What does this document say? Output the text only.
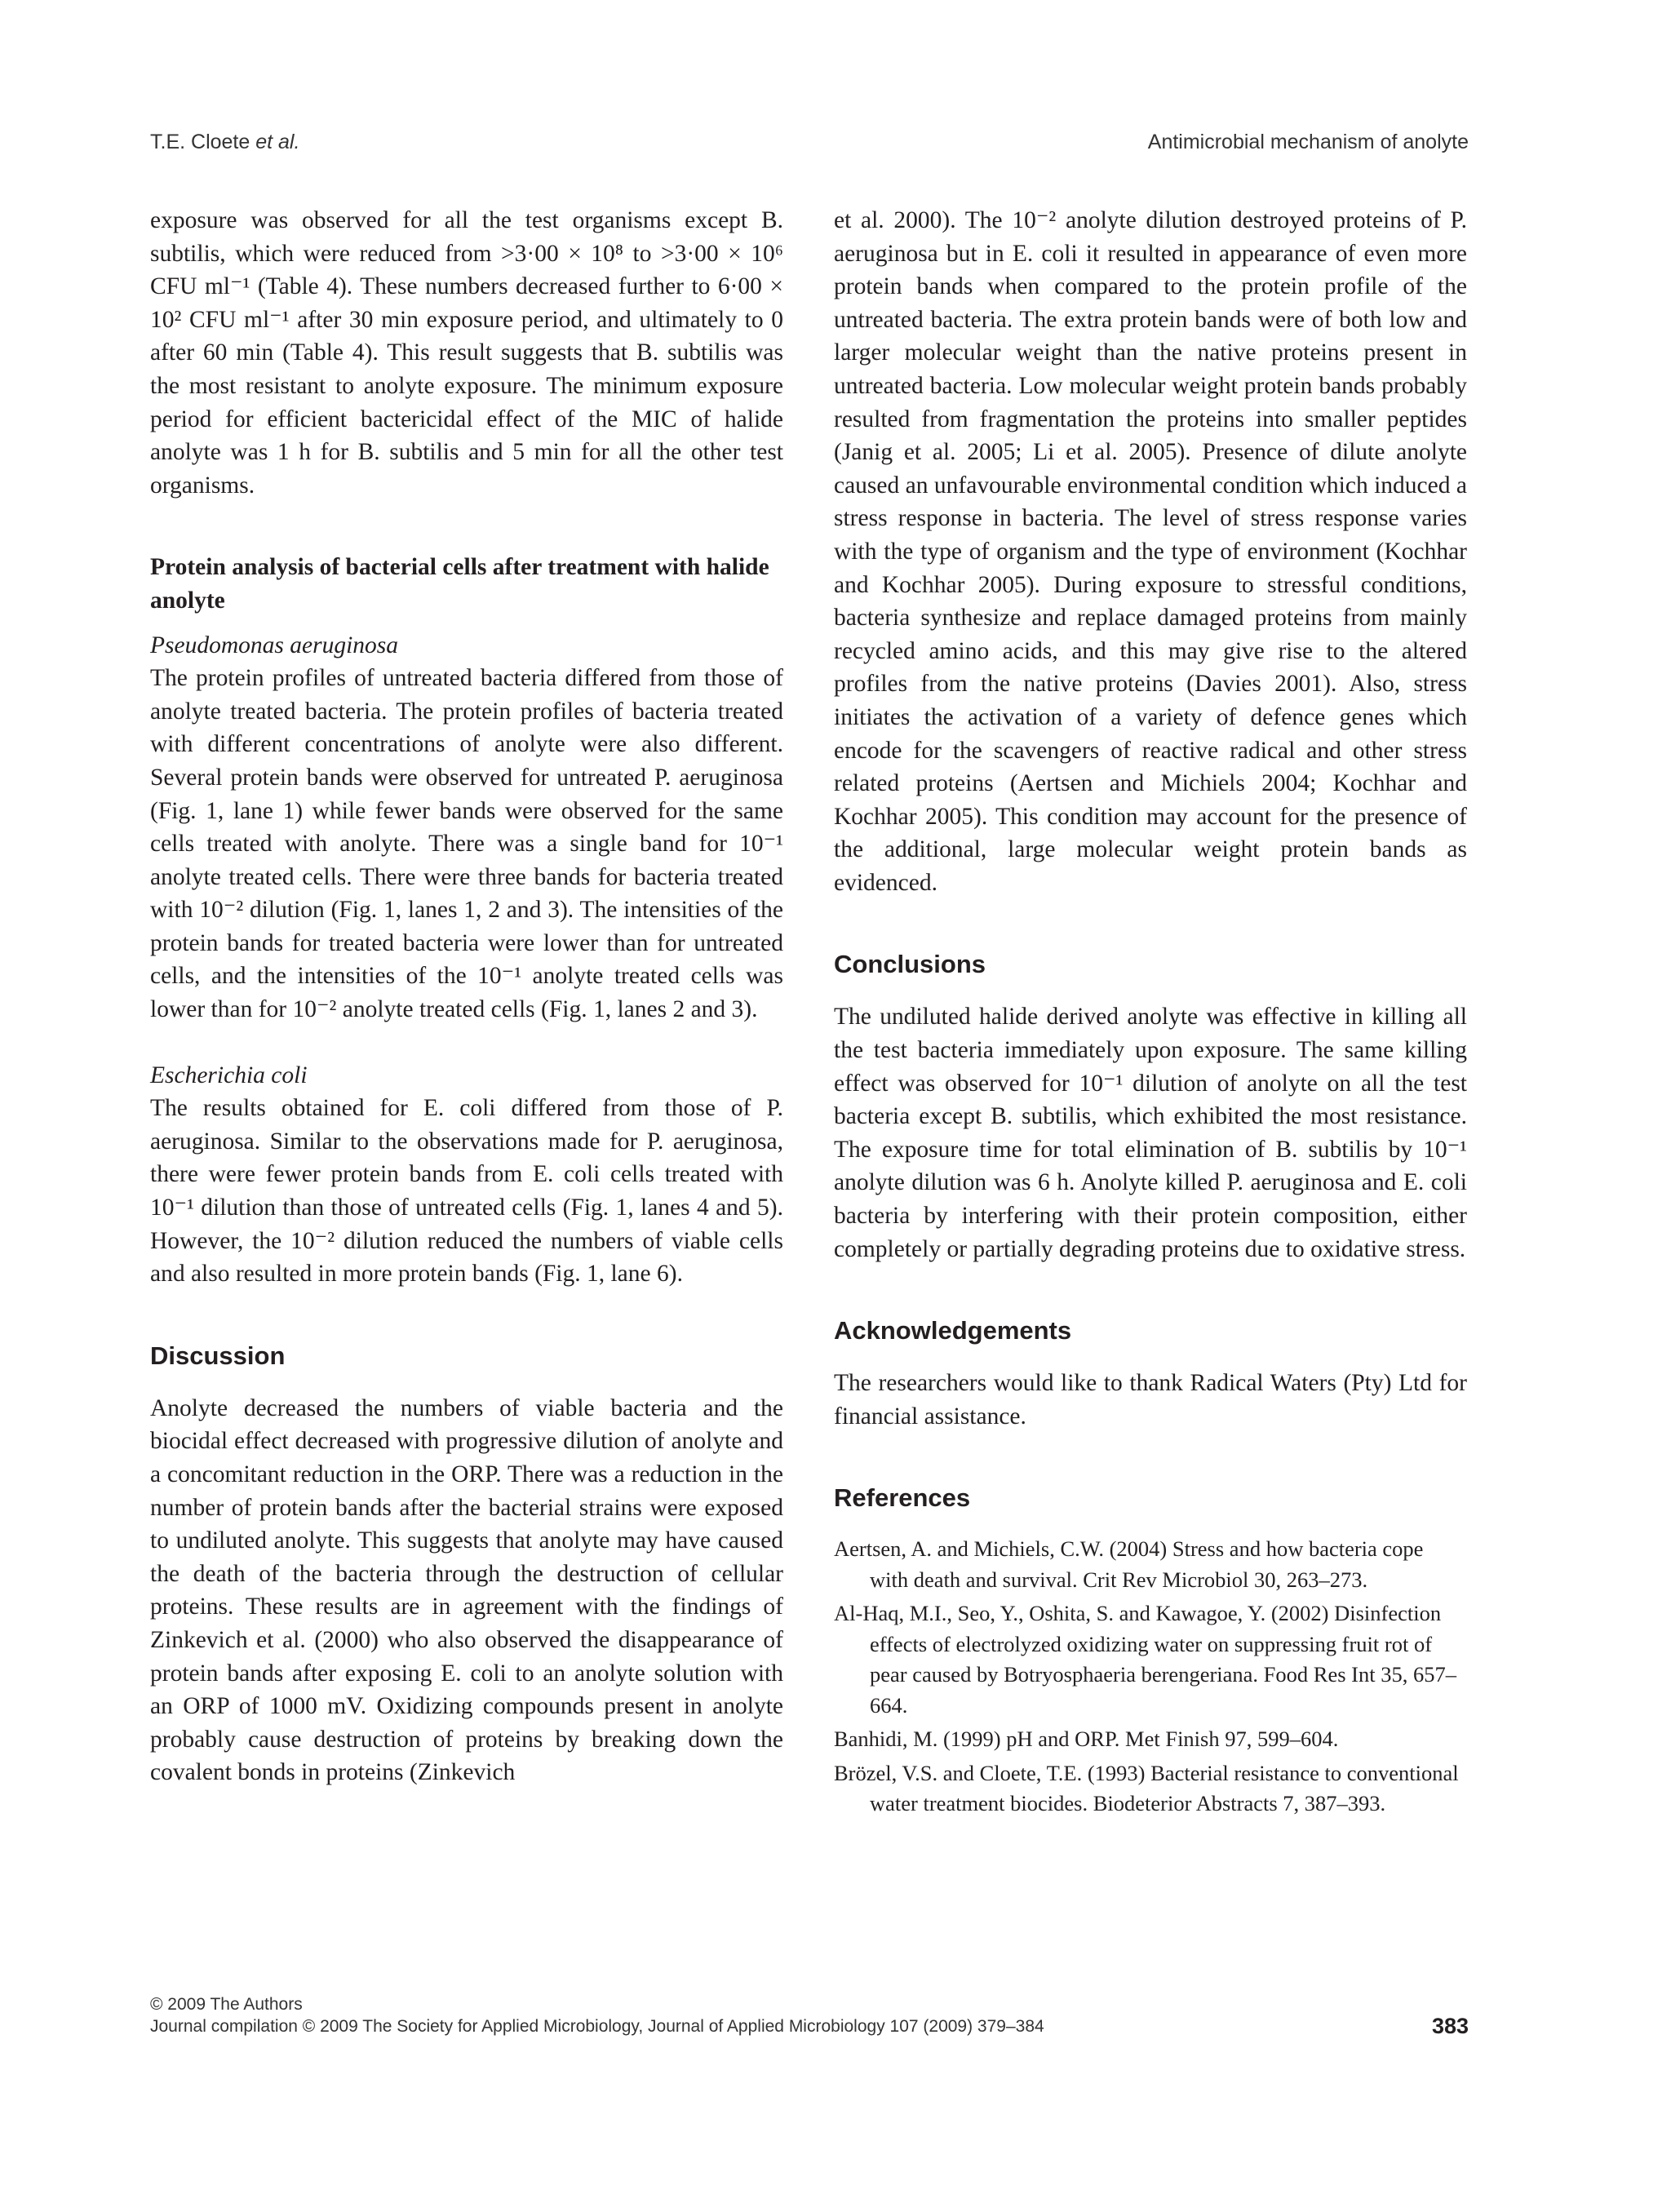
T.E. Cloete et al.	Antimicrobial mechanism of anolyte
exposure was observed for all the test organisms except B. subtilis, which were reduced from >3·00 × 10⁸ to >3·00 × 10⁶ CFU ml⁻¹ (Table 4). These numbers decreased further to 6·00 × 10² CFU ml⁻¹ after 30 min exposure period, and ultimately to 0 after 60 min (Table 4). This result suggests that B. subtilis was the most resistant to anolyte exposure. The minimum exposure period for efficient bactericidal effect of the MIC of halide anolyte was 1 h for B. subtilis and 5 min for all the other test organisms.
Protein analysis of bacterial cells after treatment with halide anolyte

Pseudomonas aeruginosa

The protein profiles of untreated bacteria differed from those of anolyte treated bacteria. The protein profiles of bacteria treated with different concentrations of anolyte were also different. Several protein bands were observed for untreated P. aeruginosa (Fig. 1, lane 1) while fewer bands were observed for the same cells treated with anolyte. There was a single band for 10⁻¹ anolyte treated cells. There were three bands for bacteria treated with 10⁻² dilution (Fig. 1, lanes 1, 2 and 3). The intensities of the protein bands for treated bacteria were lower than for untreated cells, and the intensities of the 10⁻¹ anolyte treated cells was lower than for 10⁻² anolyte treated cells (Fig. 1, lanes 2 and 3).

Escherichia coli

The results obtained for E. coli differed from those of P. aeruginosa. Similar to the observations made for P. aeruginosa, there were fewer protein bands from E. coli cells treated with 10⁻¹ dilution than those of untreated cells (Fig. 1, lanes 4 and 5). However, the 10⁻² dilution reduced the numbers of viable cells and also resulted in more protein bands (Fig. 1, lane 6).
Discussion
Anolyte decreased the numbers of viable bacteria and the biocidal effect decreased with progressive dilution of anolyte and a concomitant reduction in the ORP. There was a reduction in the number of protein bands after the bacterial strains were exposed to undiluted anolyte. This suggests that anolyte may have caused the death of the bacteria through the destruction of cellular proteins. These results are in agreement with the findings of Zinkevich et al. (2000) who also observed the disappearance of protein bands after exposing E. coli to an anolyte solution with an ORP of 1000 mV. Oxidizing compounds present in anolyte probably cause destruction of proteins by breaking down the covalent bonds in proteins (Zinkevich
et al. 2000). The 10⁻² anolyte dilution destroyed proteins of P. aeruginosa but in E. coli it resulted in appearance of even more protein bands when compared to the protein profile of the untreated bacteria. The extra protein bands were of both low and larger molecular weight than the native proteins present in untreated bacteria. Low molecular weight protein bands probably resulted from fragmentation the proteins into smaller peptides (Janig et al. 2005; Li et al. 2005). Presence of dilute anolyte caused an unfavourable environmental condition which induced a stress response in bacteria. The level of stress response varies with the type of organism and the type of environment (Kochhar and Kochhar 2005). During exposure to stressful conditions, bacteria synthesize and replace damaged proteins from mainly recycled amino acids, and this may give rise to the altered profiles from the native proteins (Davies 2001). Also, stress initiates the activation of a variety of defence genes which encode for the scavengers of reactive radical and other stress related proteins (Aertsen and Michiels 2004; Kochhar and Kochhar 2005). This condition may account for the presence of the additional, large molecular weight protein bands as evidenced.
Conclusions
The undiluted halide derived anolyte was effective in killing all the test bacteria immediately upon exposure. The same killing effect was observed for 10⁻¹ dilution of anolyte on all the test bacteria except B. subtilis, which exhibited the most resistance. The exposure time for total elimination of B. subtilis by 10⁻¹ anolyte dilution was 6 h. Anolyte killed P. aeruginosa and E. coli bacteria by interfering with their protein composition, either completely or partially degrading proteins due to oxidative stress.
Acknowledgements
The researchers would like to thank Radical Waters (Pty) Ltd for financial assistance.
References

Aertsen, A. and Michiels, C.W. (2004) Stress and how bacteria cope with death and survival. Crit Rev Microbiol 30, 263–273.

Al-Haq, M.I., Seo, Y., Oshita, S. and Kawagoe, Y. (2002) Disinfection effects of electrolyzed oxidizing water on suppressing fruit rot of pear caused by Botryosphaeria berengeriana. Food Res Int 35, 657–664.

Banhidi, M. (1999) pH and ORP. Met Finish 97, 599–604.

Brözel, V.S. and Cloete, T.E. (1993) Bacterial resistance to conventional water treatment biocides. Biodeterior Abstracts 7, 387–393.

© 2009 The Authors
Journal compilation © 2009 The Society for Applied Microbiology, Journal of Applied Microbiology 107 (2009) 379–384	383
